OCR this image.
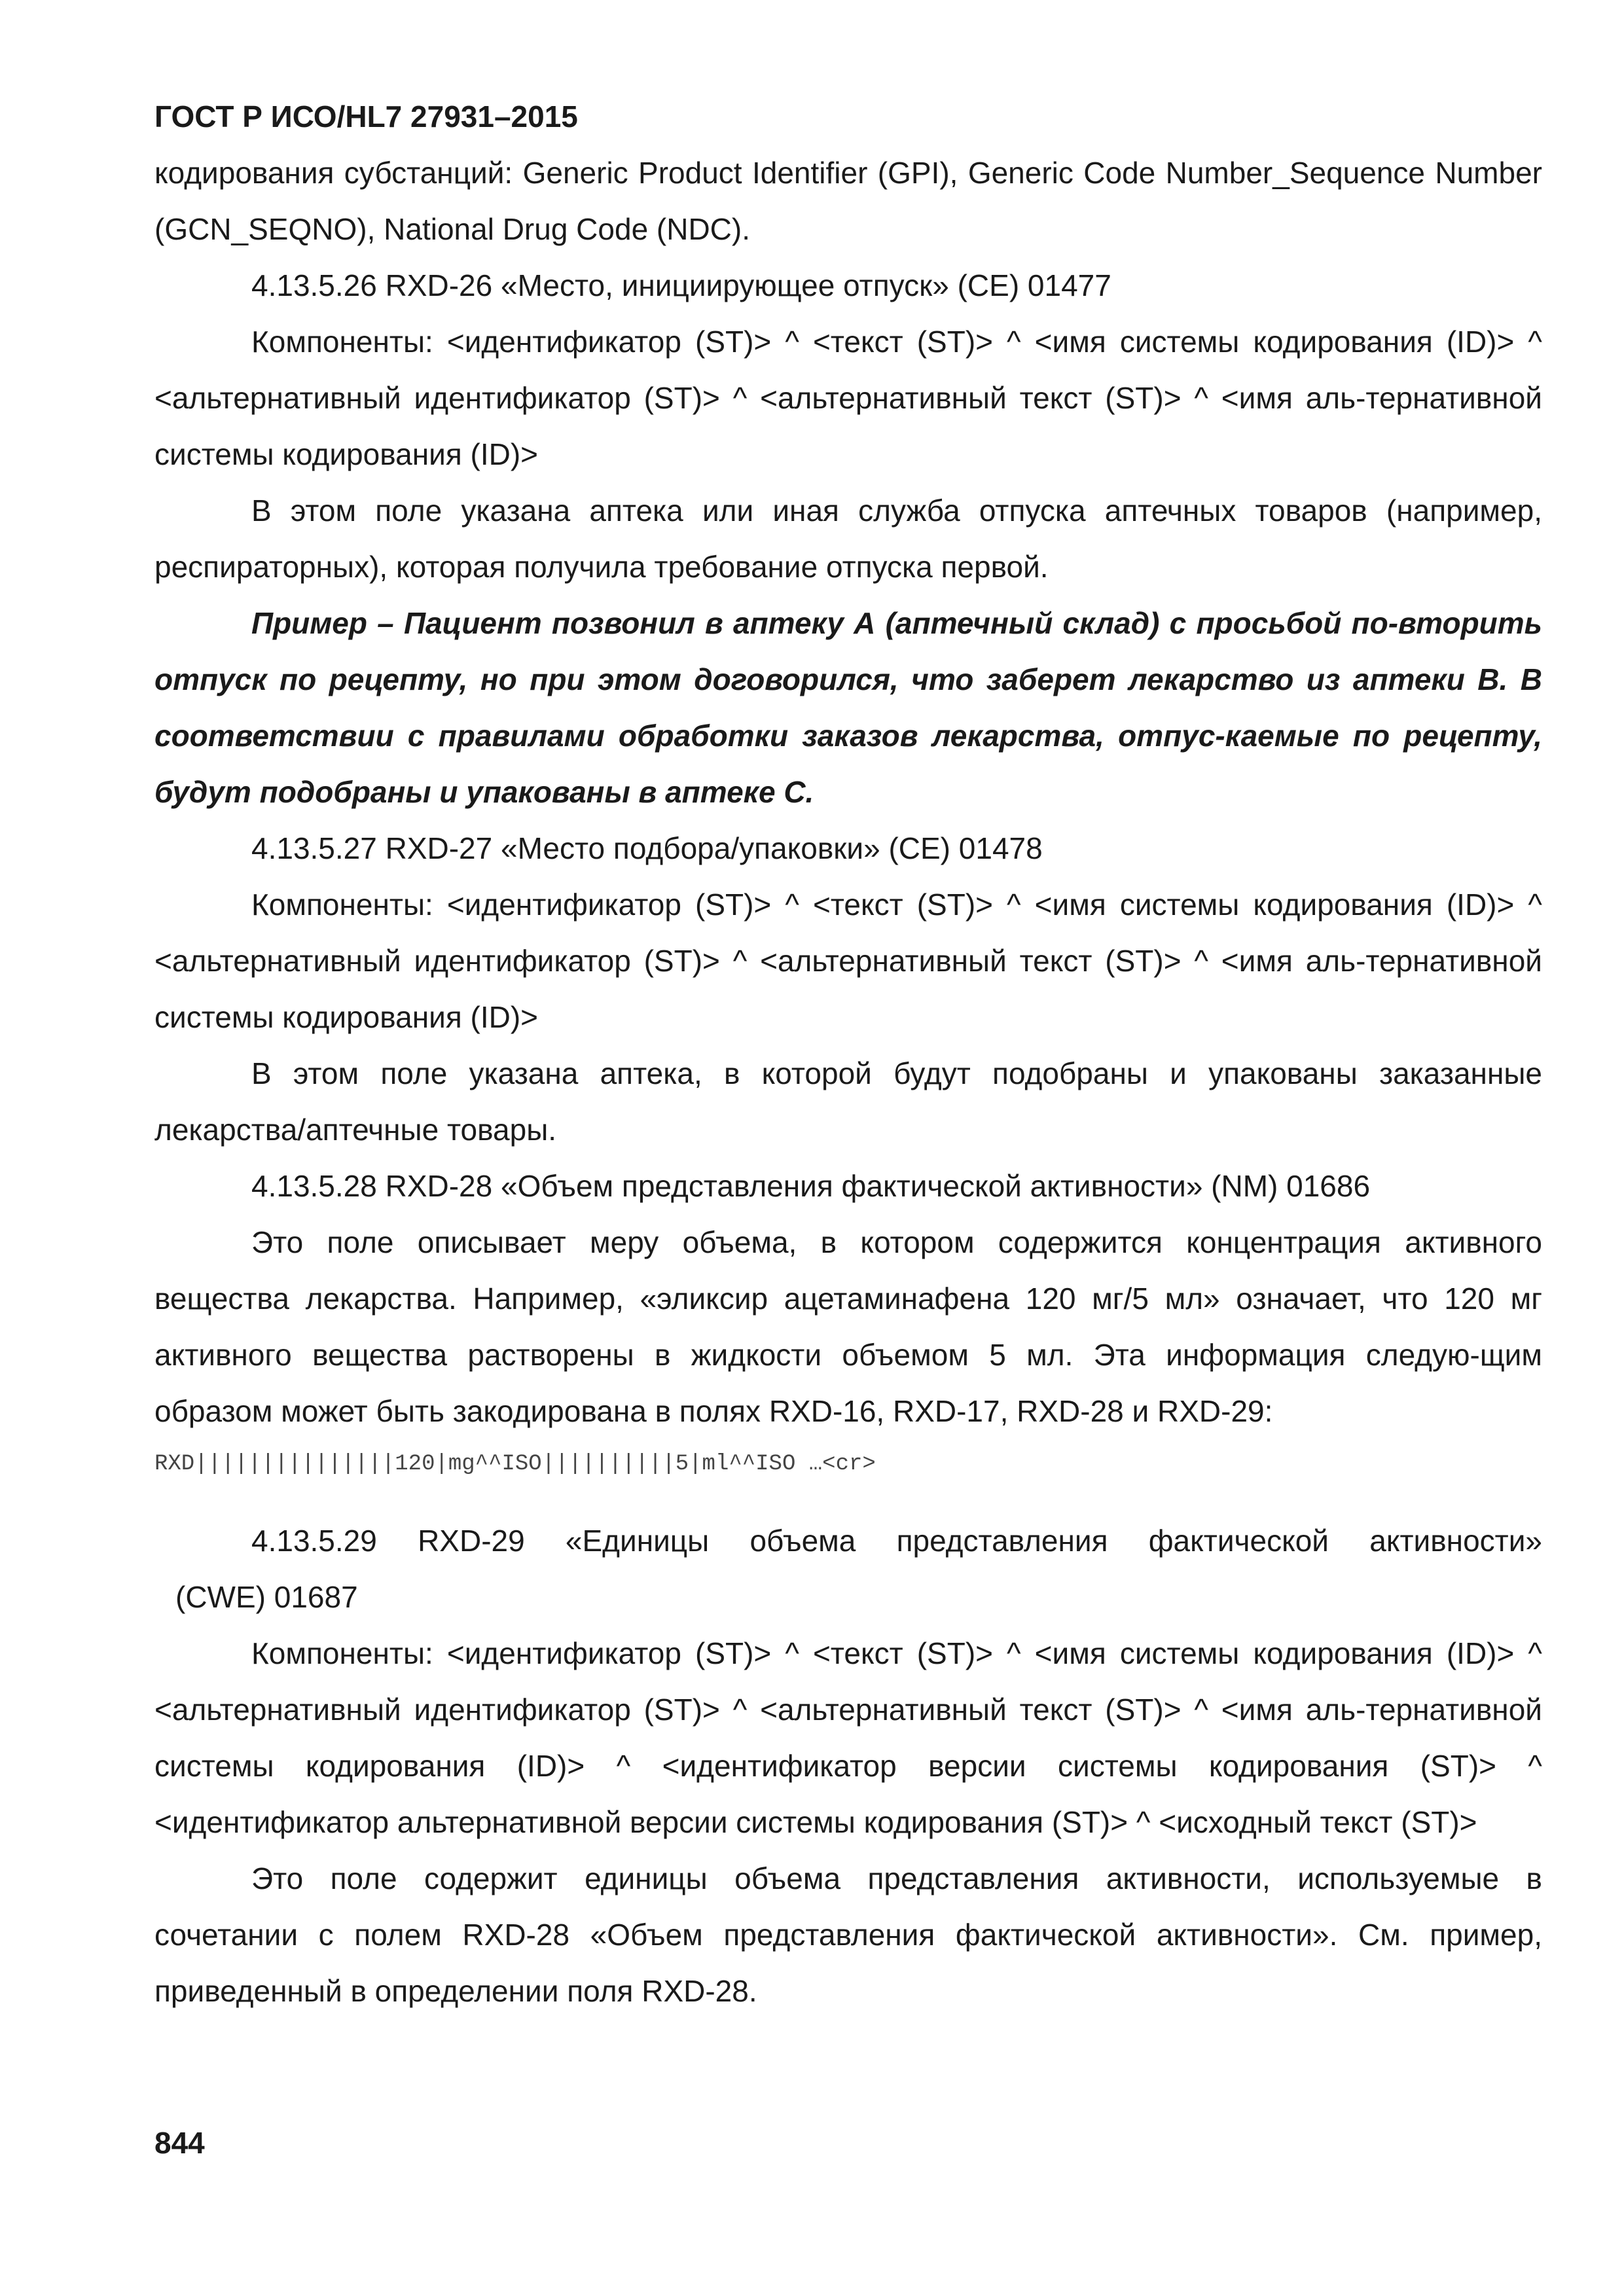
ГОСТ Р ИСО/HL7 27931–2015

кодирования субстанций: Generic Product Identifier (GPI), Generic Code Number_Sequence Number (GCN_SEQNO), National Drug Code (NDC).

4.13.5.26 RXD-26 «Место, инициирующее отпуск» (CE) 01477

Компоненты: <идентификатор (ST)> ^ <текст (ST)> ^ <имя системы кодирования (ID)> ^ <альтернативный идентификатор (ST)> ^ <альтернативный текст (ST)> ^ <имя аль-тернативной системы кодирования (ID)>

В этом поле указана аптека или иная служба отпуска аптечных товаров (например, респираторных), которая получила требование отпуска первой.

Пример – Пациент позвонил в аптеку А (аптечный склад) с просьбой по-вторить отпуск по рецепту, но при этом договорился, что заберет лекарство из аптеки В. В соответствии с правилами обработки заказов лекарства, отпус-каемые по рецепту, будут подобраны и упакованы в аптеке С.

4.13.5.27 RXD-27 «Место подбора/упаковки» (CE) 01478

Компоненты: <идентификатор (ST)> ^ <текст (ST)> ^ <имя системы кодирования (ID)> ^ <альтернативный идентификатор (ST)> ^ <альтернативный текст (ST)> ^ <имя аль-тернативной системы кодирования (ID)>

В этом поле указана аптека, в которой будут подобраны и упакованы заказанные лекарства/аптечные товары.

4.13.5.28 RXD-28 «Объем представления фактической активности» (NM) 01686

Это поле описывает меру объема, в котором содержится концентрация активного вещества лекарства. Например, «эликсир ацетаминафена 120 мг/5 мл» означает, что 120 мг активного вещества растворены в жидкости объемом 5 мл. Эта информация следую-щим образом может быть закодирована в полях RXD-16, RXD-17, RXD-28 и RXD-29:

RXD|||||||||||||||120|mg^^ISO||||||||||5|ml^^ISO …<cr>

4.13.5.29 RXD-29 «Единицы объема представления фактической активности»

(CWE) 01687

Компоненты: <идентификатор (ST)> ^ <текст (ST)> ^ <имя системы кодирования (ID)> ^ <альтернативный идентификатор (ST)> ^ <альтернативный текст (ST)> ^ <имя аль-тернативной системы кодирования (ID)> ^ <идентификатор версии системы кодирования (ST)> ^ <идентификатор альтернативной версии системы кодирования (ST)> ^ <исходный текст (ST)>

Это поле содержит единицы объема представления активности, используемые в сочетании с полем RXD-28 «Объем представления фактической активности». См. пример, приведенный в определении поля RXD-28.

844
